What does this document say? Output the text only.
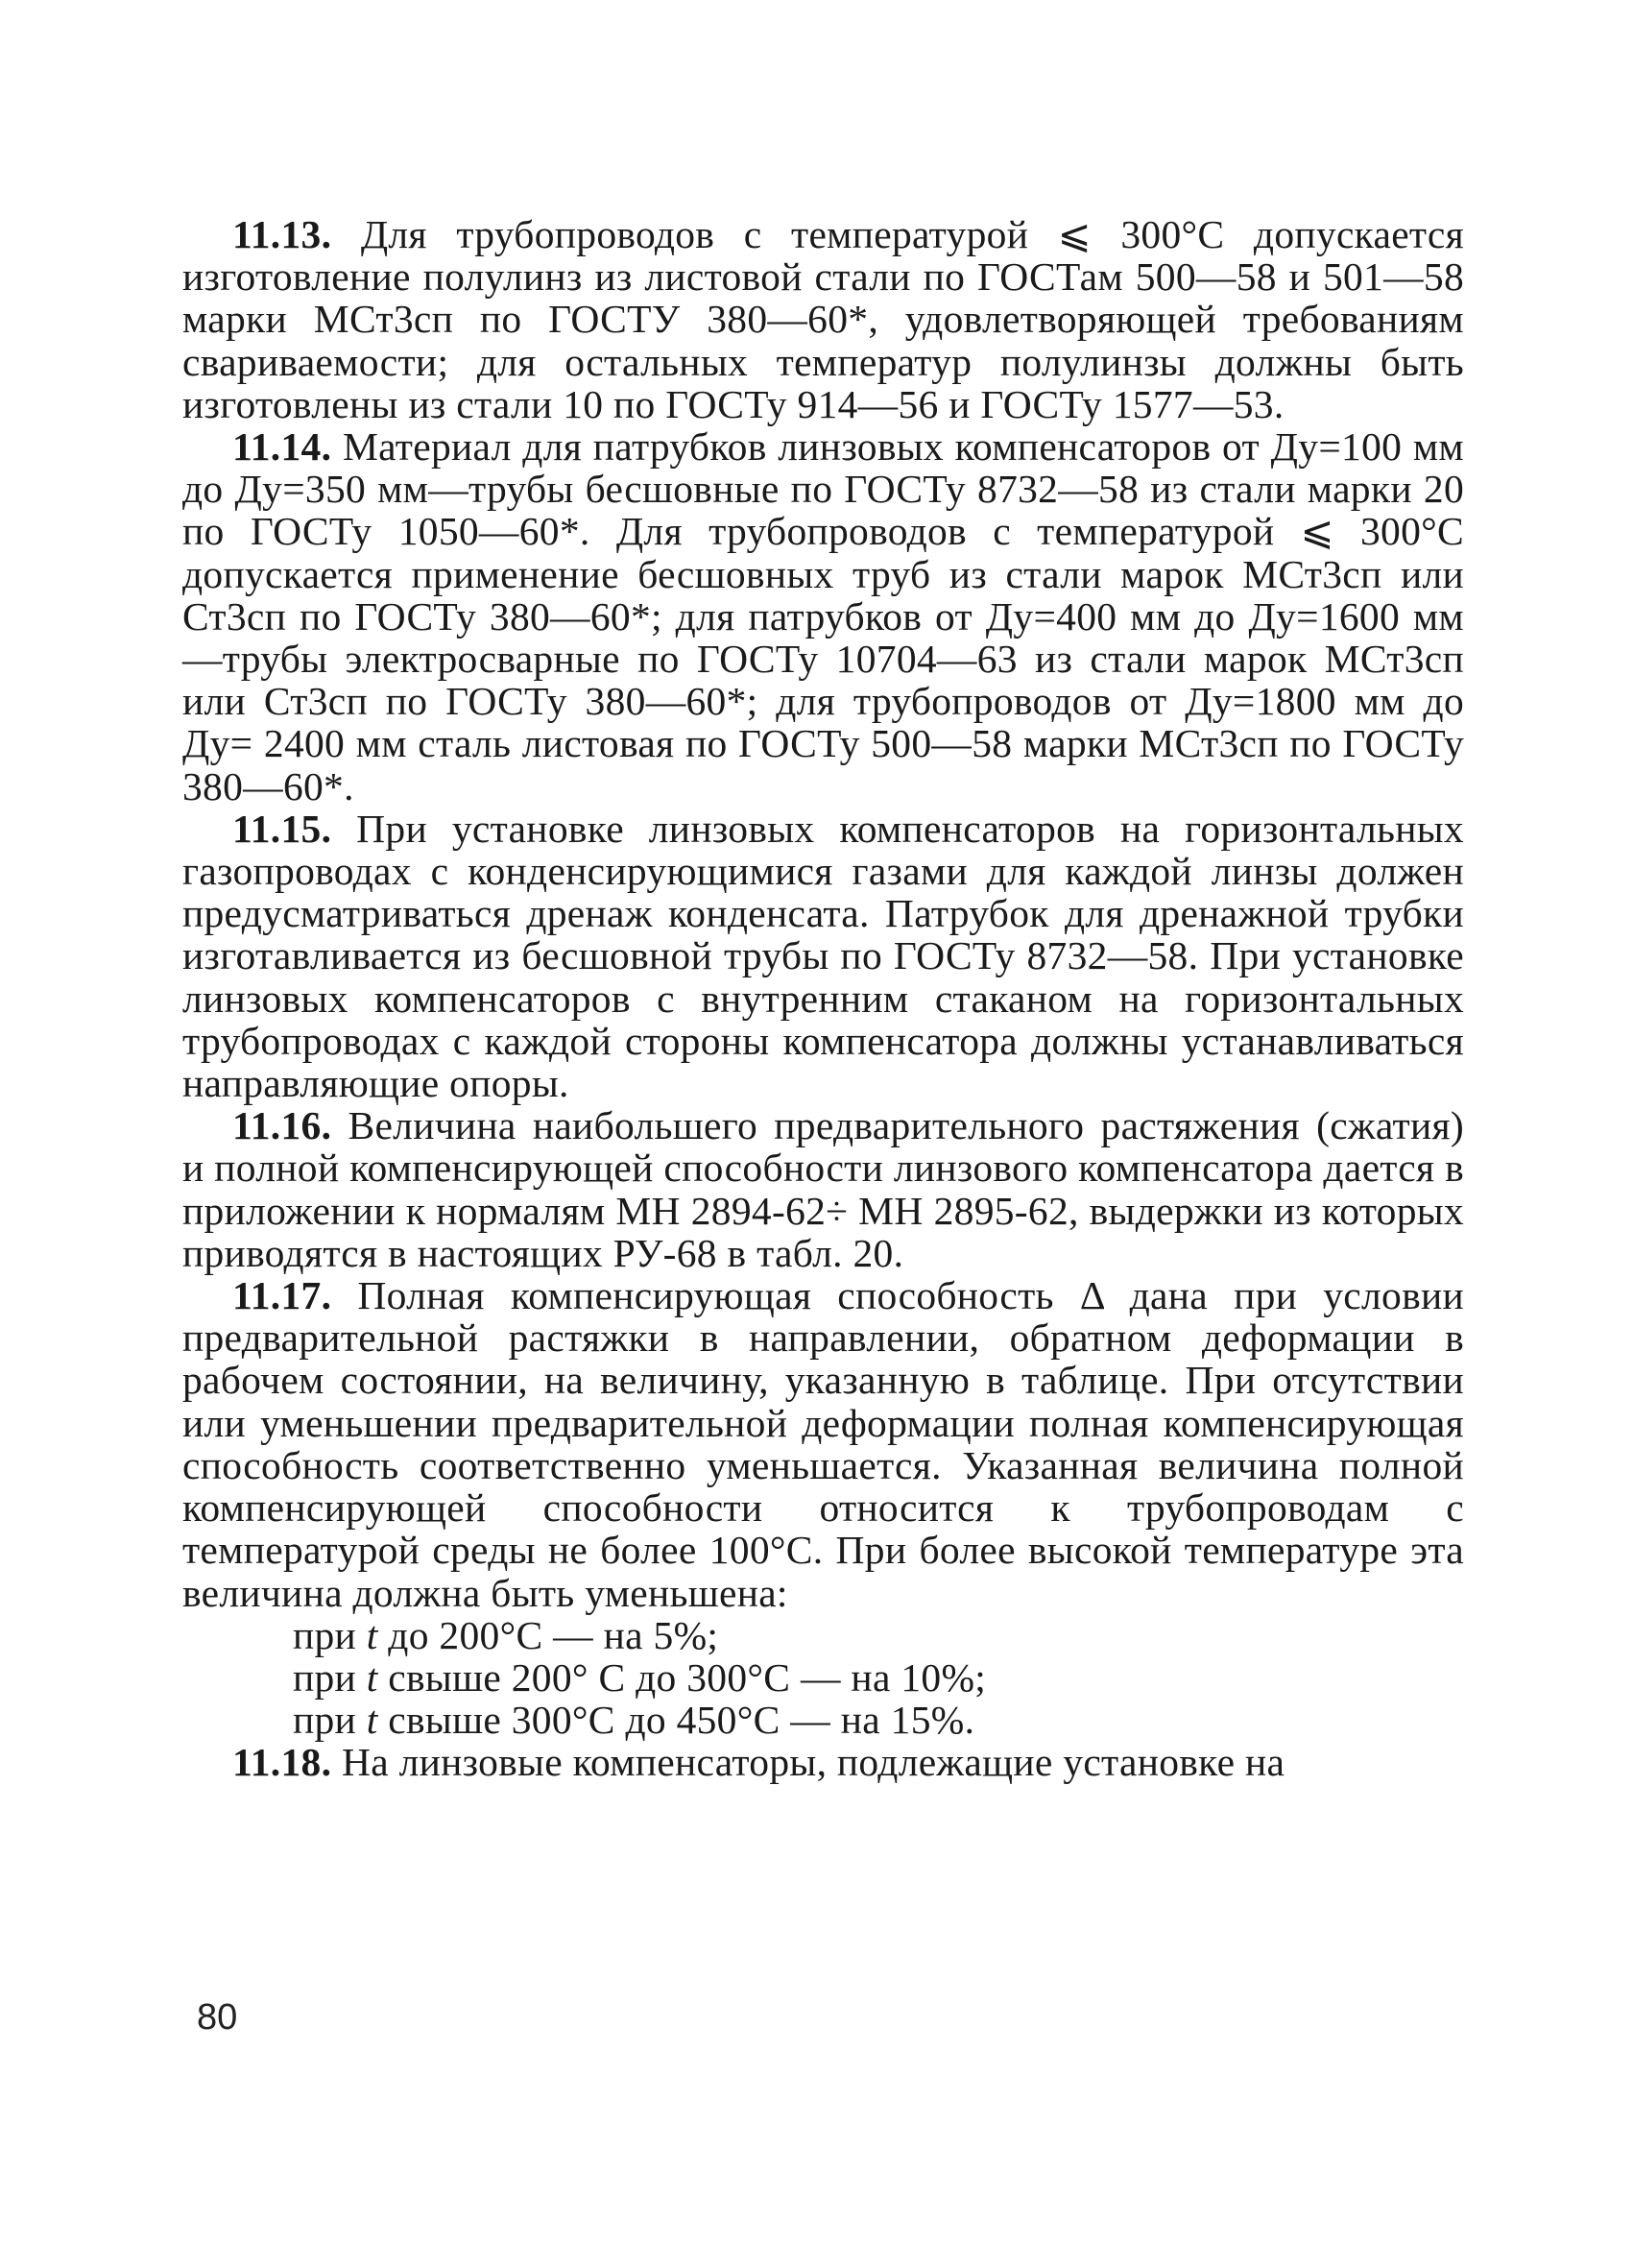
11.13. Для трубопроводов с температурой ⩽ 300°С допускается изготовление полулинз из листовой стали по ГОСТам 500—58 и 501—58 марки МСт3сп по ГОСТУ 380—60*, удовлетворяющей требованиям свариваемости; для остальных температур полулинзы должны быть изготовлены из стали 10 по ГОСТу 914—56 и ГОСТу 1577—53.

11.14. Материал для патрубков линзовых компенсаторов от Ду=100 мм до Ду=350 мм—трубы бесшовные по ГОСТу 8732—58 из стали марки 20 по ГОСТу 1050—60*. Для трубопроводов с температурой ⩽ 300°С допускается применение бесшовных труб из стали марок МСт3сп или Ст3сп по ГОСТу 380—60*; для патрубков от Ду=400 мм до Ду=1600 мм —трубы электросварные по ГОСТу 10704—63 из стали марок МСт3сп или Ст3сп по ГОСТу 380—60*; для трубопроводов от Ду=1800 мм до Ду= 2400 мм сталь листовая по ГОСТу 500—58 марки МСт3сп по ГОСТу 380—60*.

11.15. При установке линзовых компенсаторов на горизонтальных газопроводах с конденсирующимися газами для каждой линзы должен предусматриваться дренаж конденсата. Патрубок для дренажной трубки изготавливается из бесшовной трубы по ГОСТу 8732—58. При установке линзовых компенсаторов с внутренним стаканом на горизонтальных трубопроводах с каждой стороны компенсатора должны устанавливаться направляющие опоры.

11.16. Величина наибольшего предварительного растяжения (сжатия) и полной компенсирующей способности линзового компенсатора дается в приложении к нормалям МН 2894-62÷ МН 2895-62, выдержки из которых приводятся в настоящих РУ-68 в табл. 20.

11.17. Полная компенсирующая способность Δ дана при условии предварительной растяжки в направлении, обратном деформации в рабочем состоянии, на величину, указанную в таблице. При отсутствии или уменьшении предварительной деформации полная компенсирующая способность соответственно уменьшается. Указанная величина полной компенсирующей способности относится к трубопроводам с температурой среды не более 100°С. При более высокой температуре эта величина должна быть уменьшена:

при t до 200°С — на 5%;
при t свыше 200° С до 300°С — на 10%;
при t свыше 300°С до 450°С — на 15%.

11.18. На линзовые компенсаторы, подлежащие установке на

80
